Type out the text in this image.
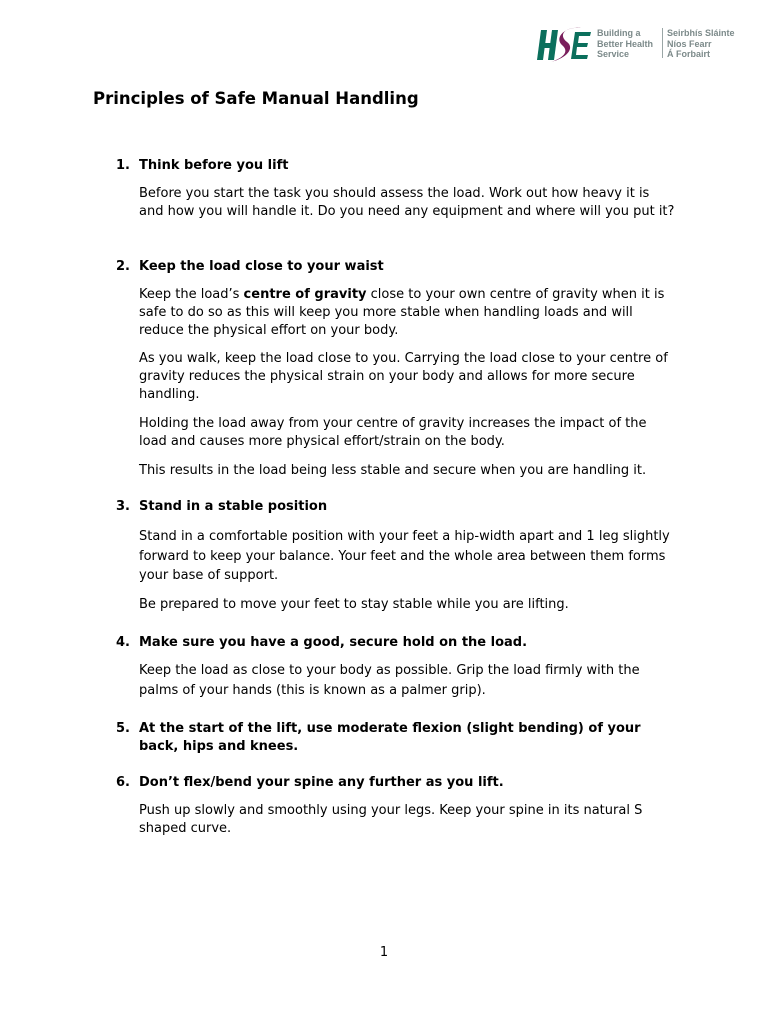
Building a
Better Health
Service
Seirbhís Sláinte
Níos Fearr
Á Forbairt
Principles of Safe Manual Handling
1. Think before you lift

Before you start the task you should assess the load. Work out how heavy it is and how you will handle it. Do you need any equipment and where will you put it?

2. Keep the load close to your waist

Keep the load’s centre of gravity close to your own centre of gravity when it is safe to do so as this will keep you more stable when handling loads and will reduce the physical effort on your body.

As you walk, keep the load close to you. Carrying the load close to your centre of gravity reduces the physical strain on your body and allows for more secure handling.

Holding the load away from your centre of gravity increases the impact of the load and causes more physical effort/strain on the body.

This results in the load being less stable and secure when you are handling it.

3. Stand in a stable position

Stand in a comfortable position with your feet a hip-width apart and 1 leg slightly forward to keep your balance. Your feet and the whole area between them forms your base of support.

Be prepared to move your feet to stay stable while you are lifting.

4. Make sure you have a good, secure hold on the load.

Keep the load as close to your body as possible. Grip the load firmly with the palms of your hands (this is known as a palmer grip).

5. At the start of the lift, use moderate flexion (slight bending) of your back, hips and knees.
6. Don’t flex/bend your spine any further as you lift.

Push up slowly and smoothly using your legs. Keep your spine in its natural S shaped curve.

1
